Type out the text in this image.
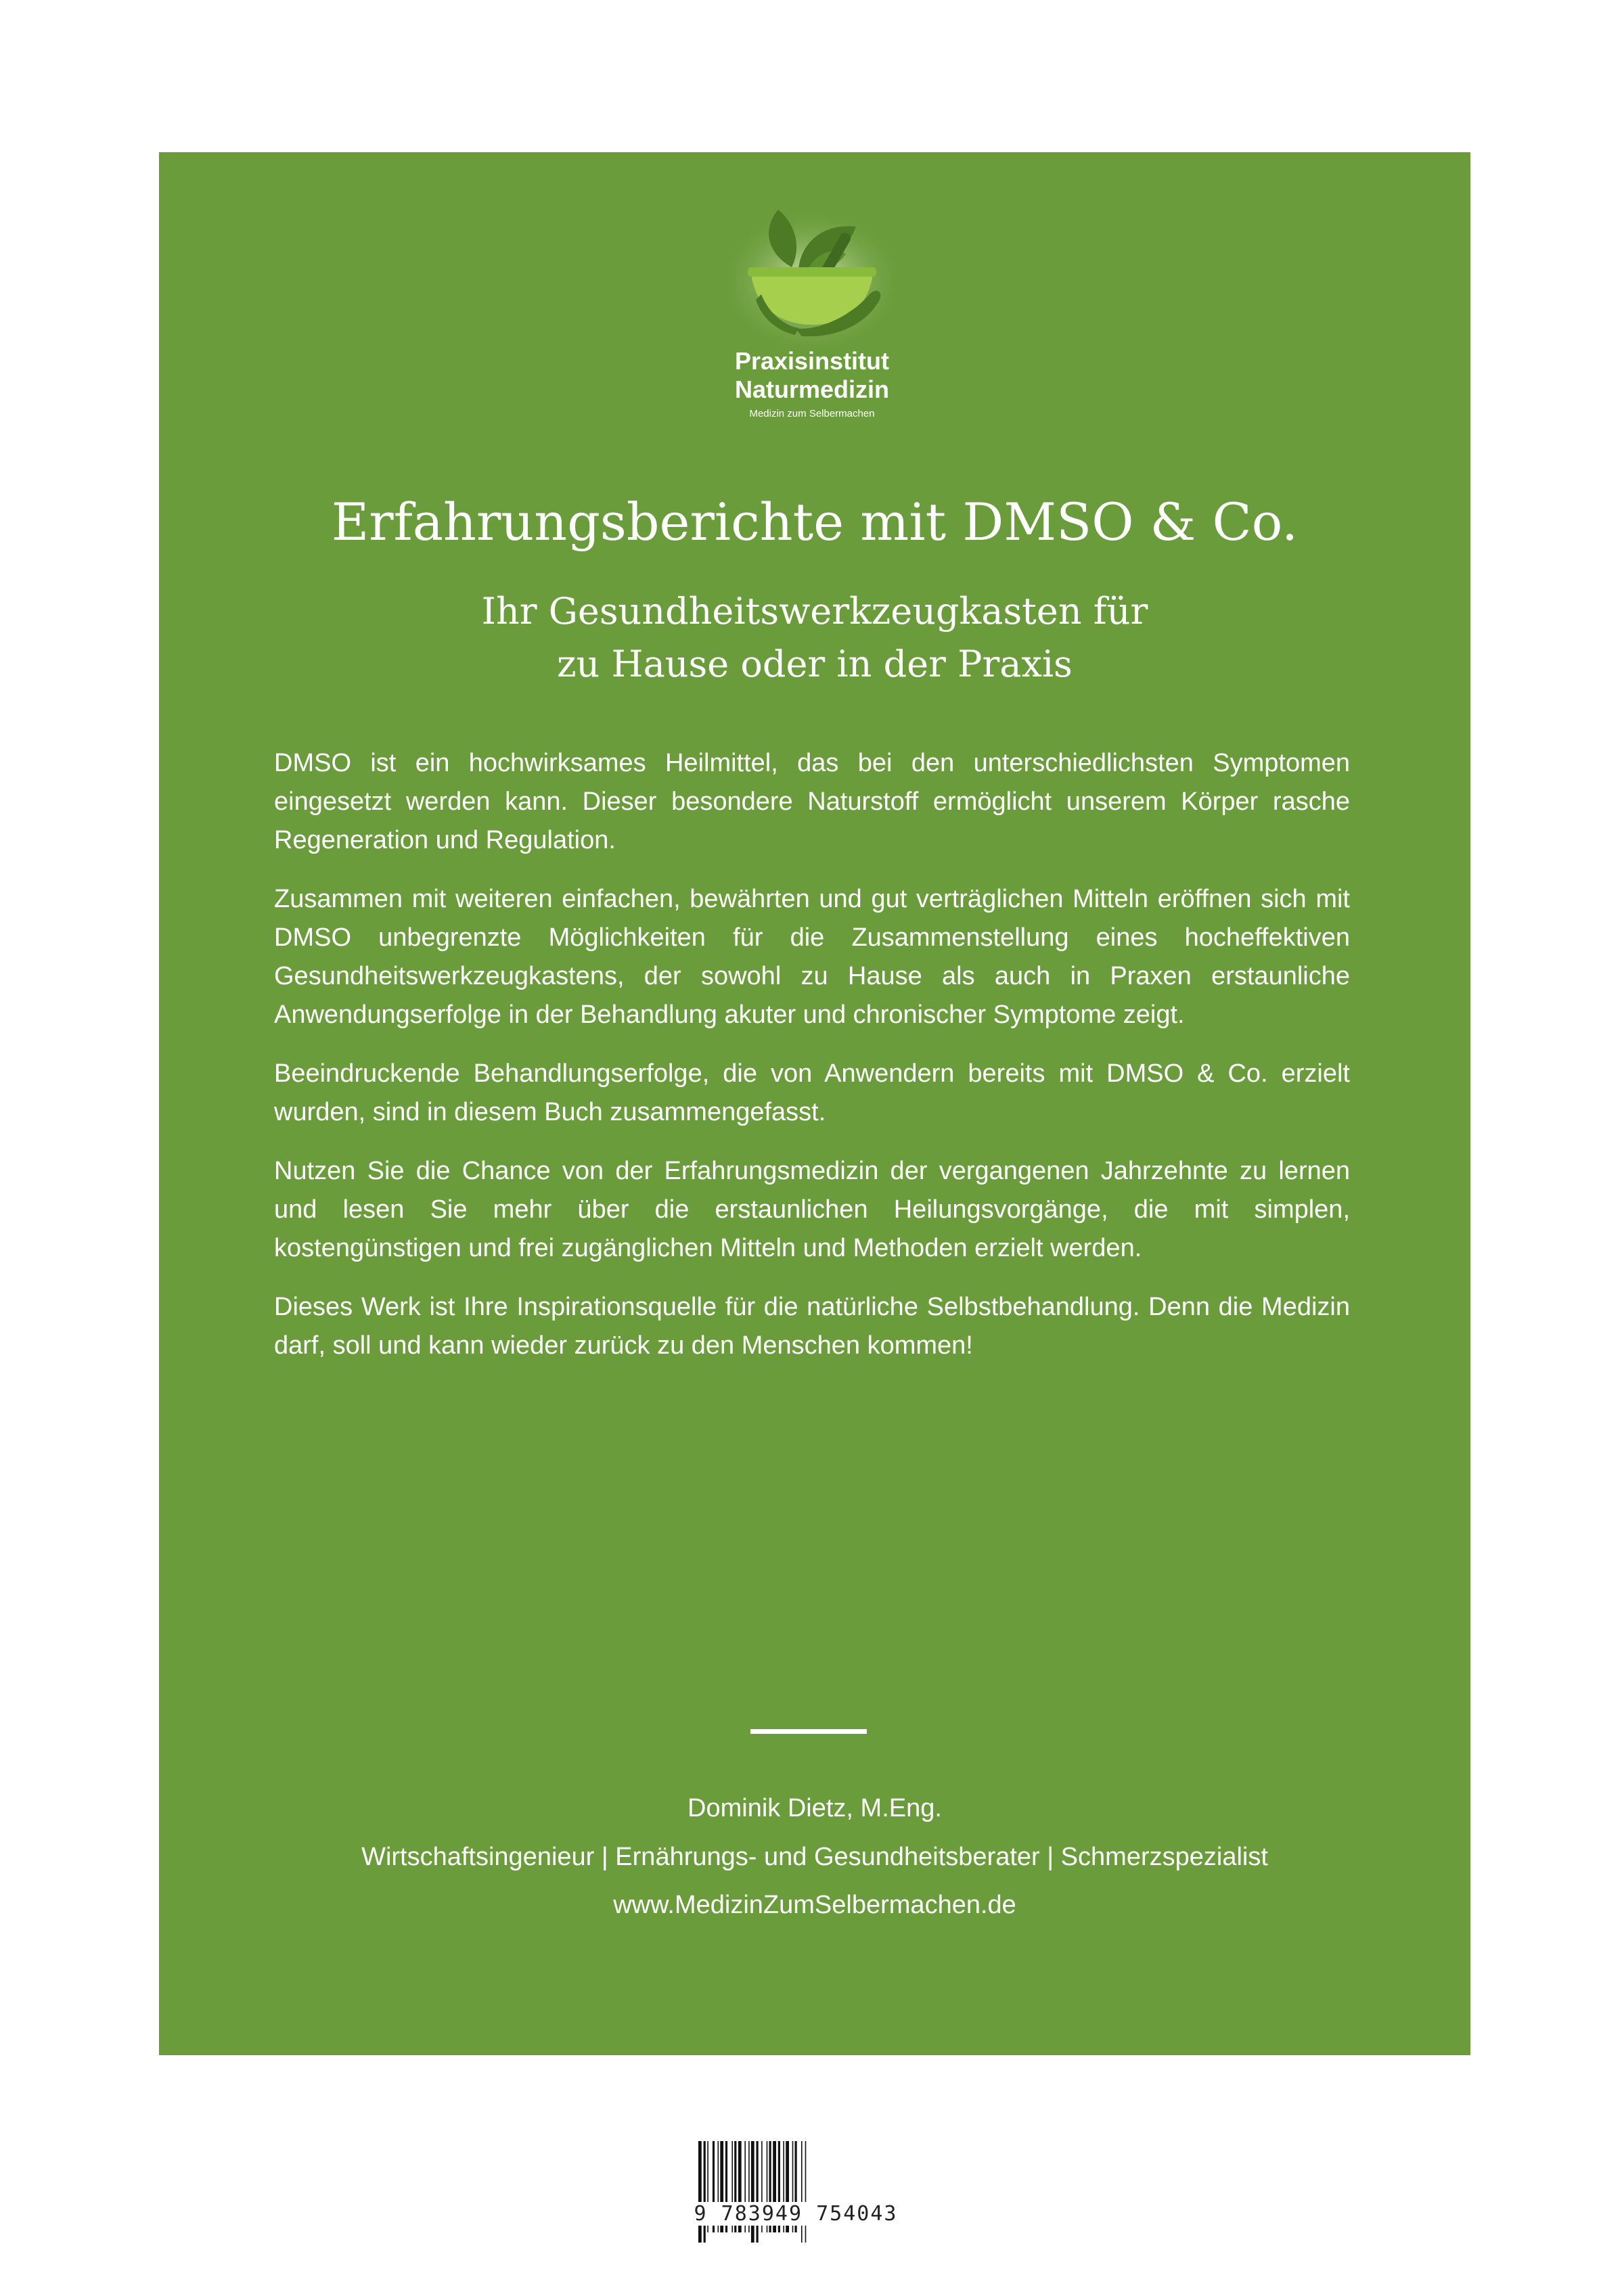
Praxisinstitut
Naturmedizin
Medizin zum Selbermachen
Erfahrungsberichte mit DMSO & Co.
Ihr Gesundheitswerkzeugkasten für
zu Hause oder in der Praxis

DMSO ist ein hochwirksames Heilmittel, das bei den unterschiedlichsten Symptomen eingesetzt werden kann. Dieser besondere Naturstoff ermöglicht unserem Körper rasche Regeneration und Regulation.

Zusammen mit weiteren einfachen, bewährten und gut verträglichen Mitteln eröffnen sich mit DMSO unbegrenzte Möglichkeiten für die Zusammenstellung eines hocheffektiven Gesundheitswerkzeugkastens, der sowohl zu Hause als auch in Praxen erstaunliche Anwendungserfolge in der Behandlung akuter und chronischer Symptome zeigt.

Beeindruckende Behandlungserfolge, die von Anwendern bereits mit DMSO & Co. erzielt wurden, sind in diesem Buch zusammengefasst.

Nutzen Sie die Chance von der Erfahrungsmedizin der vergangenen Jahrzehnte zu lernen und lesen Sie mehr über die erstaunlichen Heilungsvorgänge, die mit simplen, kostengünstigen und frei zugänglichen Mitteln und Methoden erzielt werden.

Dieses Werk ist Ihre Inspirationsquelle für die natürliche Selbstbehandlung. Denn die Medizin darf, soll und kann wieder zurück zu den Menschen kommen!

Dominik Dietz, M.Eng.
Wirtschaftsingenieur | Ernährungs- und Gesundheitsberater | Schmerzspezialist
www.MedizinZumSelbermachen.de
9 783949 754043
